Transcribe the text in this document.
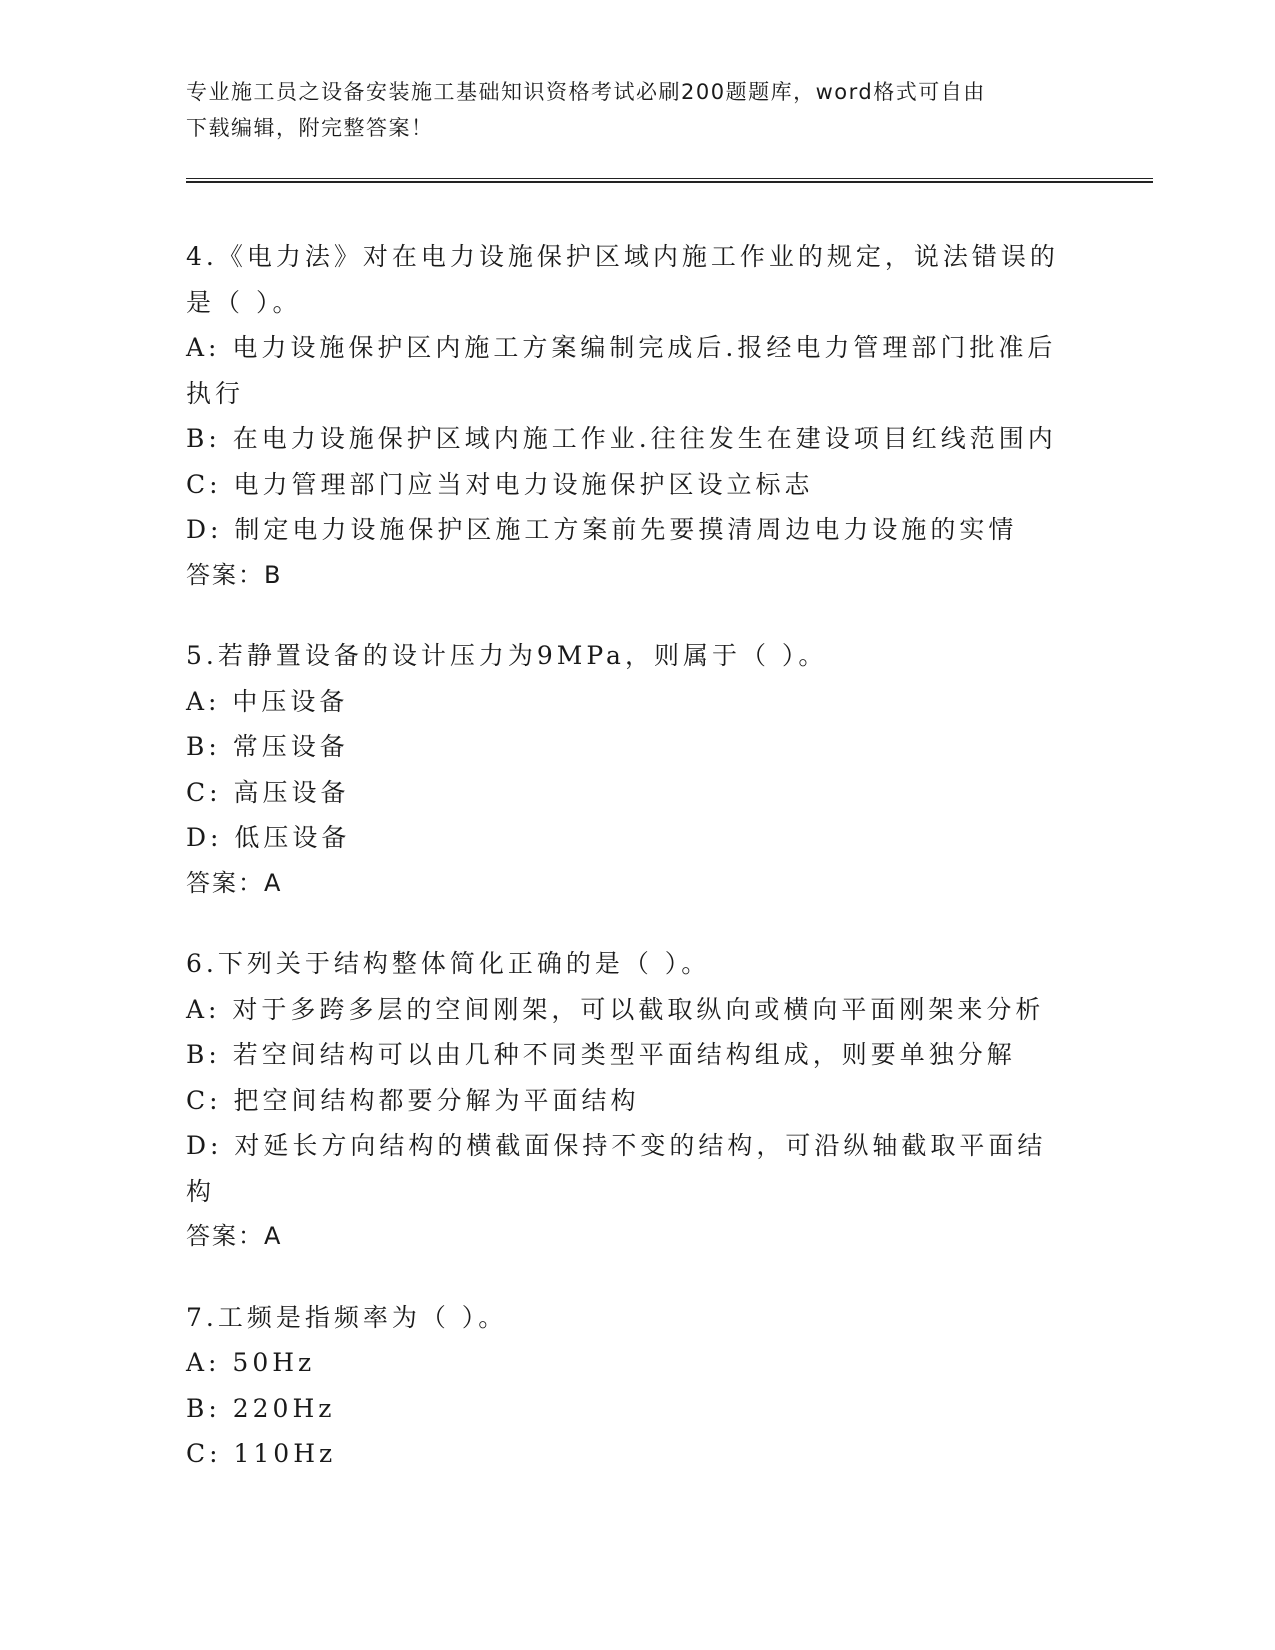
专业施工员之设备安装施工基础知识资格考试必刷200题题库，word格式可自由
下载编辑，附完整答案！
4.《电力法》对在电力设施保护区域内施工作业的规定，说法错误的
是（ ）。
A: 电力设施保护区内施工方案编制完成后.报经电力管理部门批准后
执行
B: 在电力设施保护区域内施工作业.往往发生在建设项目红线范围内
C: 电力管理部门应当对电力设施保护区设立标志
D: 制定电力设施保护区施工方案前先要摸清周边电力设施的实情
答案：B
5.若静置设备的设计压力为9MPa，则属于（ ）。
A: 中压设备
B: 常压设备
C: 高压设备
D: 低压设备
答案：A
6.下列关于结构整体简化正确的是（ ）。
A: 对于多跨多层的空间刚架，可以截取纵向或横向平面刚架来分析
B: 若空间结构可以由几种不同类型平面结构组成，则要单独分解
C: 把空间结构都要分解为平面结构
D: 对延长方向结构的横截面保持不变的结构，可沿纵轴截取平面结构
答案：A
7.工频是指频率为（ ）。
A: 50Hz
B: 220Hz
C: 110Hz
